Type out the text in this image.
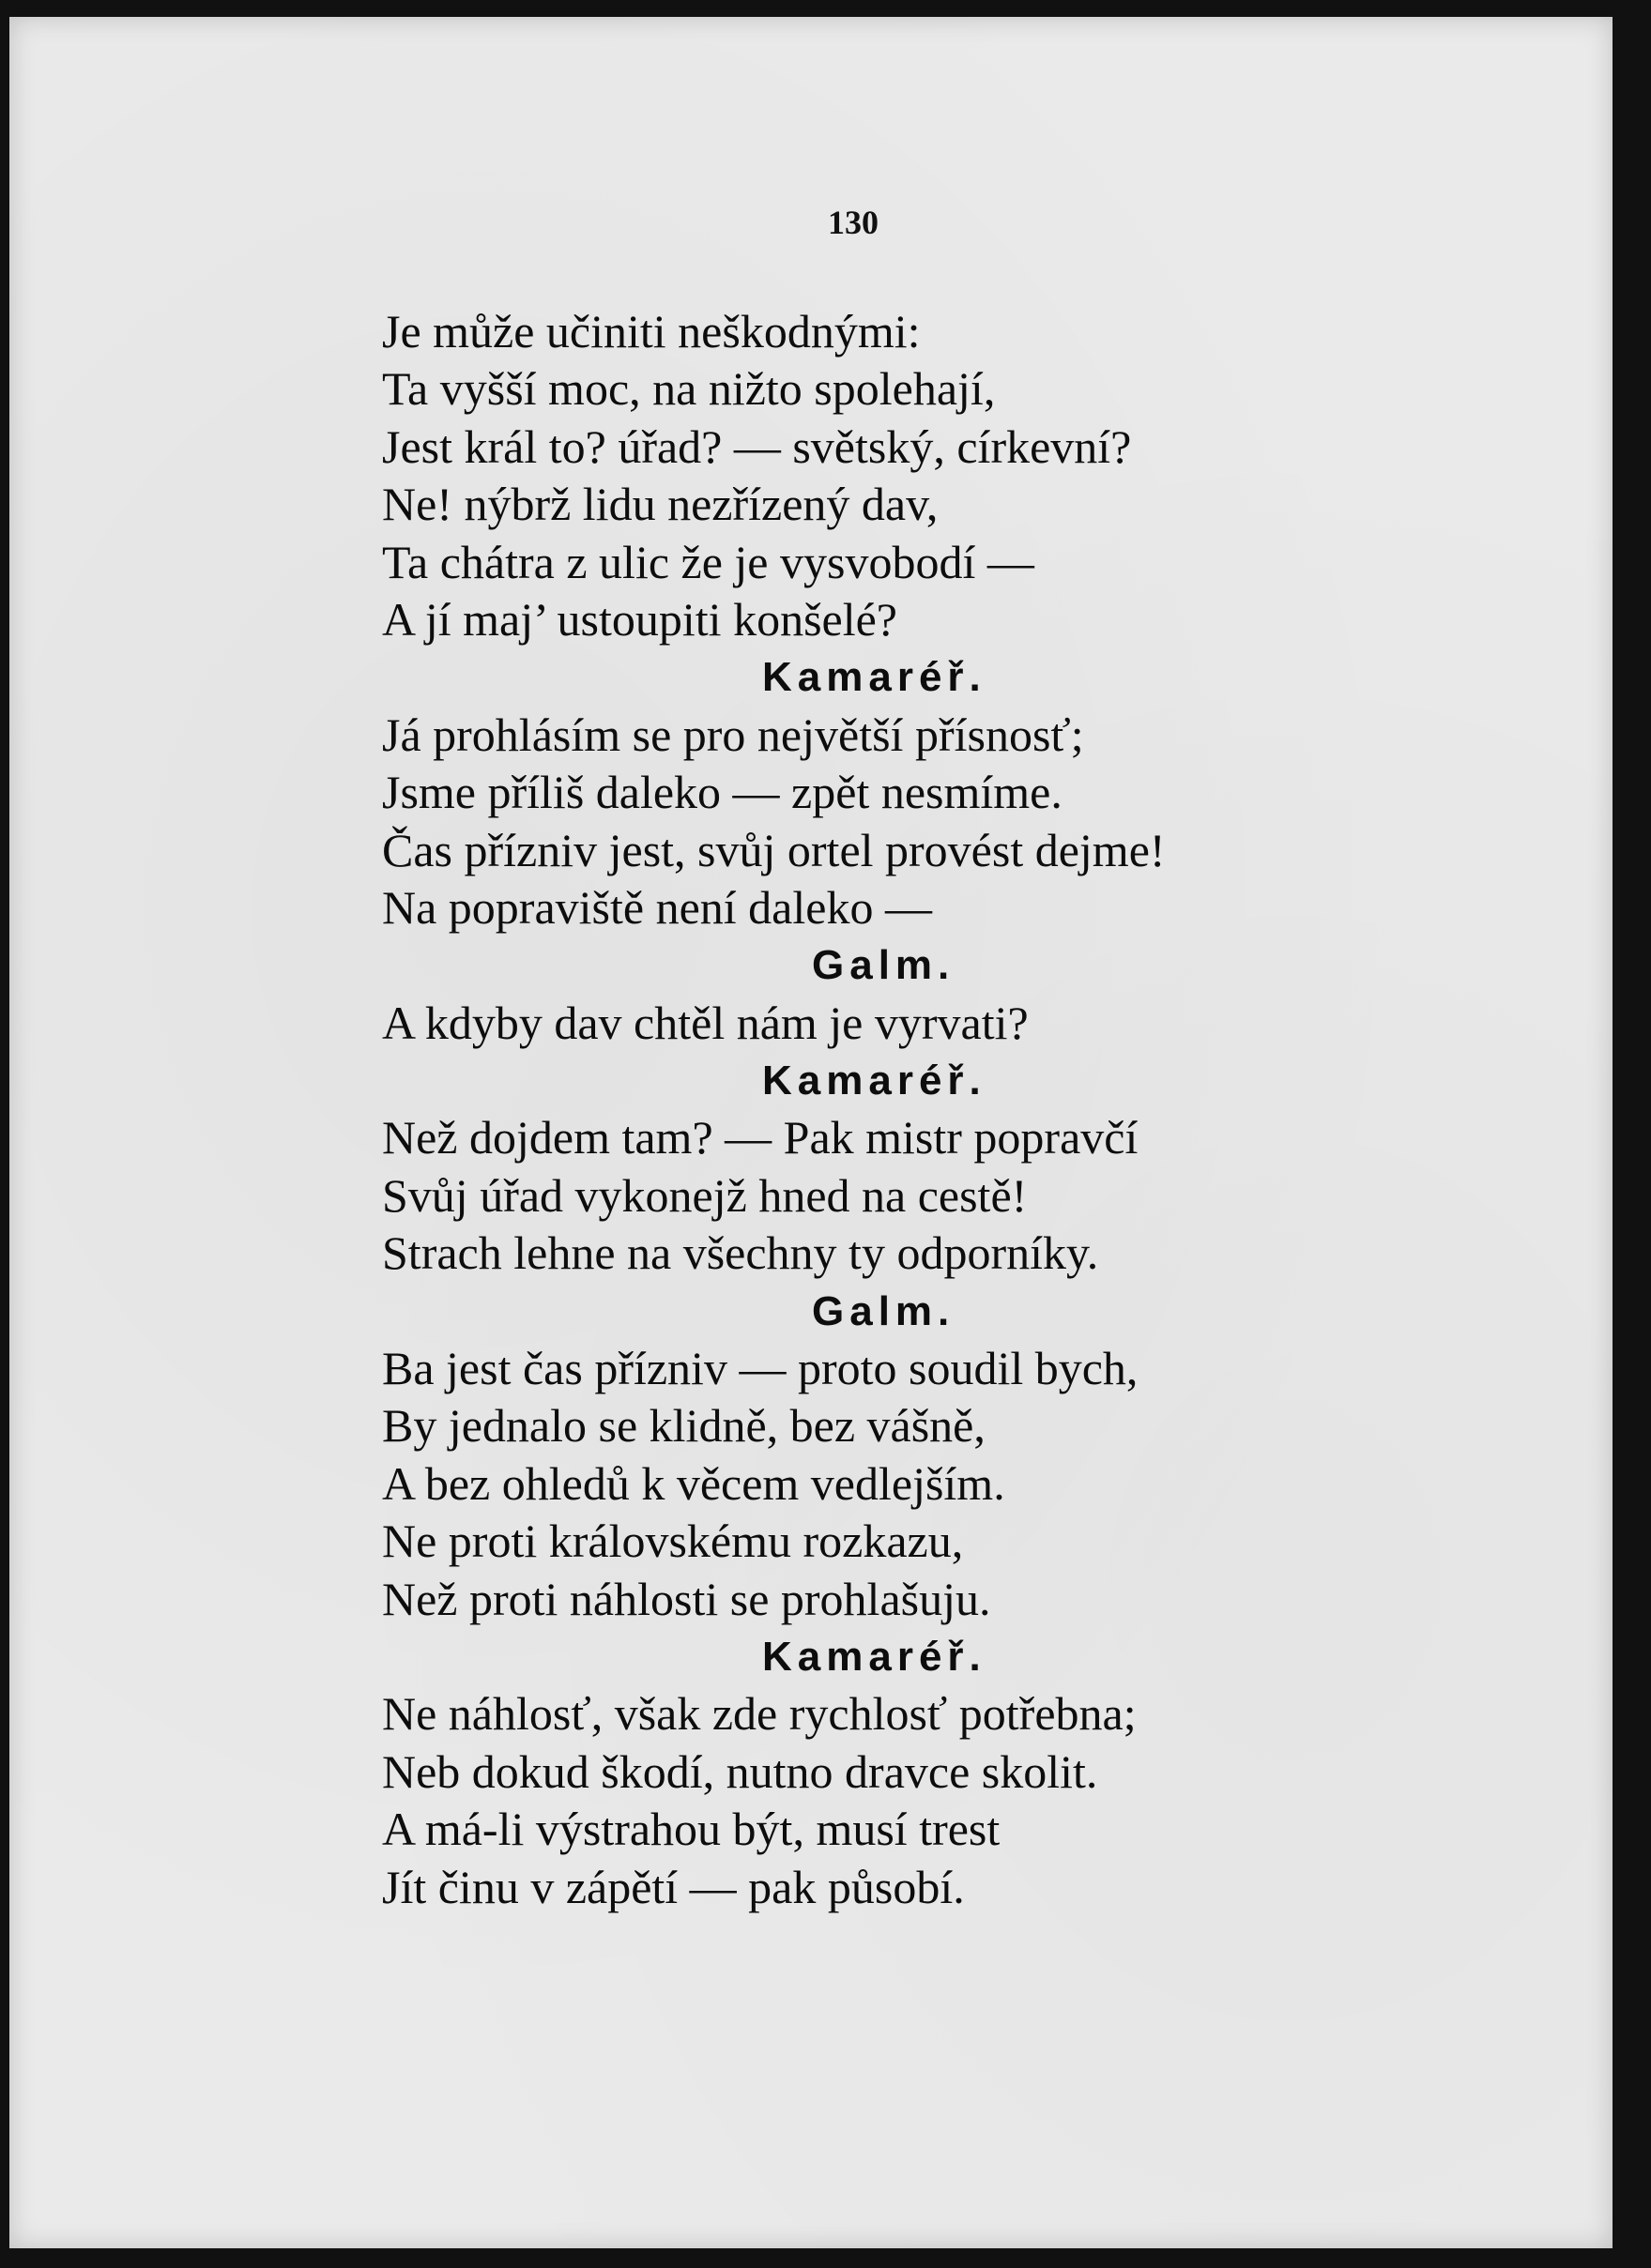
130
Je může učiniti neškodnými:
Ta vyšší moc, na nižto spolehají,
Jest král to? úřad? — světský, církevní?
Ne! nýbrž lidu nezřízený dav,
Ta chátra z ulic že je vysvobodí —
A jí maj’ ustoupiti konšelé?
Kamaréř.
Já prohlásím se pro největší přísnosť;
Jsme příliš daleko — zpět nesmíme.
Čas přízniv jest, svůj ortel provést dejme!
Na popraviště není daleko —
Galm.
A kdyby dav chtěl nám je vyrvati?
Kamaréř.
Než dojdem tam? — Pak mistr popravčí
Svůj úřad vykonejž hned na cestě!
Strach lehne na všechny ty odporníky.
Galm.
Ba jest čas přízniv — proto soudil bych,
By jednalo se klidně, bez vášně,
A bez ohledů k věcem vedlejším.
Ne proti královskému rozkazu,
Než proti náhlosti se prohlašuju.
Kamaréř.
Ne náhlosť, však zde rychlosť potřebna;
Neb dokud škodí, nutno dravce skolit.
A má-li výstrahou být, musí trest
Jít činu v zápětí — pak působí.
